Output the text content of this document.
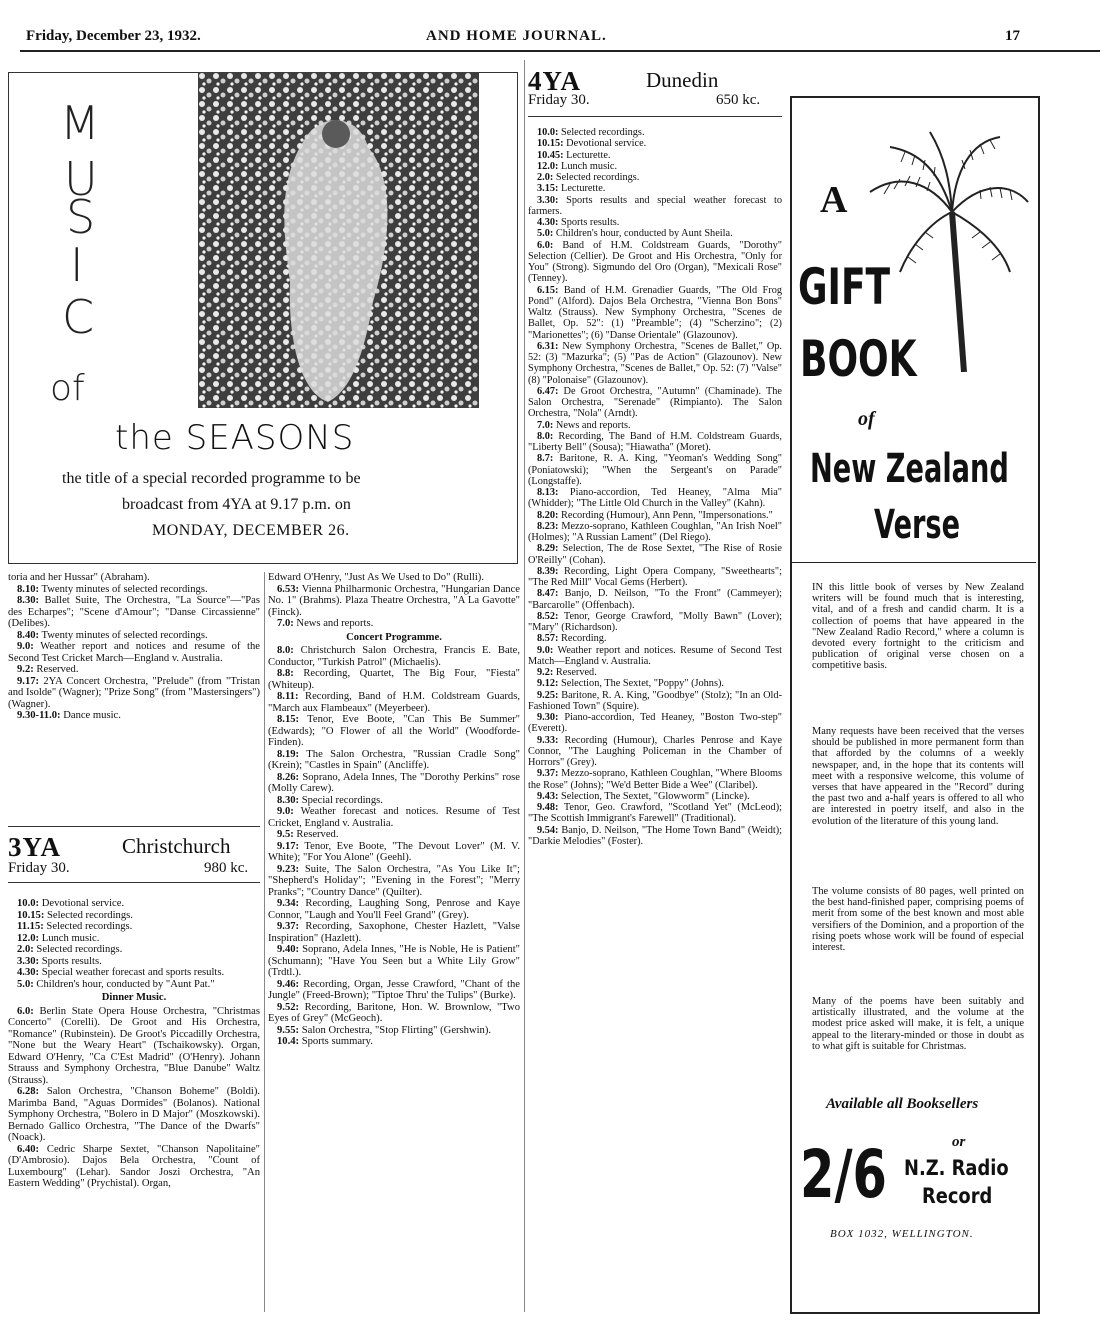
Friday, December 23, 1932.	AND HOME JOURNAL.	17
M
U
S
I
C
of
the SEASONS
the title of a special recorded programme to be
broadcast from 4YA at 9.17 p.m. on
MONDAY, DECEMBER 26.

toria and her Hussar" (Abraham).

8.10: Twenty minutes of selected recordings.

8.30: Ballet Suite, The Orchestra, "La Source"—"Pas des Echarpes"; "Scene d'Amour"; "Danse Circassienne" (Delibes).

8.40: Twenty minutes of selected recordings.

9.0: Weather report and notices and resume of the Second Test Cricket March—England v. Australia.

9.2: Reserved.

9.17: 2YA Concert Orchestra, "Prelude" (from "Tristan and Isolde" (Wagner); "Prize Song" (from "Mastersingers") (Wagner).

9.30-11.0: Dance music.

3YA	Christchurch
Friday 30.	980 kc.

10.0: Devotional service.

10.15: Selected recordings.

11.15: Selected recordings.

12.0: Lunch music.

2.0: Selected recordings.

3.30: Sports results.

4.30: Special weather forecast and sports results.

5.0: Children's hour, conducted by "Aunt Pat."

Dinner Music.

6.0: Berlin State Opera House Orchestra, "Christmas Concerto" (Corelli). De Groot and His Orchestra, "Romance" (Rubinstein). De Groot's Piccadilly Orchestra, "None but the Weary Heart" (Tschaikowsky). Organ, Edward O'Henry, "Ca C'Est Madrid" (O'Henry). Johann Strauss and Symphony Orchestra, "Blue Danube" Waltz (Strauss).

6.28: Salon Orchestra, "Chanson Boheme" (Boldi). Marimba Band, "Aguas Dormides" (Bolanos). National Symphony Orchestra, "Bolero in D Major" (Moszkowski). Bernado Gallico Orchestra, "The Dance of the Dwarfs" (Noack).

6.40: Cedric Sharpe Sextet, "Chanson Napolitaine" (D'Ambrosio). Dajos Bela Orchestra, "Count of Luxembourg" (Lehar). Sandor Joszi Orchestra, "An Eastern Wedding" (Prychistal). Organ,

Edward O'Henry, "Just As We Used to Do" (Rulli).

6.53: Vienna Philharmonic Orchestra, "Hungarian Dance No. 1" (Brahms). Plaza Theatre Orchestra, "A La Gavotte" (Finck).

7.0: News and reports.

Concert Programme.

8.0: Christchurch Salon Orchestra, Francis E. Bate, Conductor, "Turkish Patrol" (Michaelis).

8.8: Recording, Quartet, The Big Four, "Fiesta" (Whiteup).

8.11: Recording, Band of H.M. Coldstream Guards, "March aux Flambeaux" (Meyerbeer).

8.15: Tenor, Eve Boote, "Can This Be Summer" (Edwards); "O Flower of all the World" (Woodforde-Finden).

8.19: The Salon Orchestra, "Russian Cradle Song" (Krein); "Castles in Spain" (Ancliffe).

8.26: Soprano, Adela Innes, The "Dorothy Perkins" rose (Molly Carew).

8.30: Special recordings.

9.0: Weather forecast and notices. Resume of Test Cricket, England v. Australia.

9.5: Reserved.

9.17: Tenor, Eve Boote, "The Devout Lover" (M. V. White); "For You Alone" (Geehl).

9.23: Suite, The Salon Orchestra, "As You Like It"; "Shepherd's Holiday"; "Evening in the Forest"; "Merry Pranks"; "Country Dance" (Quilter).

9.34: Recording, Laughing Song, Penrose and Kaye Connor, "Laugh and You'll Feel Grand" (Grey).

9.37: Recording, Saxophone, Chester Hazlett, "Valse Inspiration" (Hazlett).

9.40: Soprano, Adela Innes, "He is Noble, He is Patient" (Schumann); "Have You Seen but a White Lily Grow" (Trdtl.).

9.46: Recording, Organ, Jesse Crawford, "Chant of the Jungle" (Freed-Brown); "Tiptoe Thru' the Tulips" (Burke).

9.52: Recording, Baritone, Hon. W. Brownlow, "Two Eyes of Grey" (McGeoch).

9.55: Salon Orchestra, "Stop Flirting" (Gershwin).

10.4: Sports summary.

4YA	Dunedin
Friday 30.	650 kc.

10.0: Selected recordings.

10.15: Devotional service.

10.45: Lecturette.

12.0: Lunch music.

2.0: Selected recordings.

3.15: Lecturette.

3.30: Sports results and special weather forecast to farmers.

4.30: Sports results.

5.0: Children's hour, conducted by Aunt Sheila.

6.0: Band of H.M. Coldstream Guards, "Dorothy" Selection (Cellier). De Groot and His Orchestra, "Only for You" (Strong). Sigmundo del Oro (Organ), "Mexicali Rose" (Tenney).

6.15: Band of H.M. Grenadier Guards, "The Old Frog Pond" (Alford). Dajos Bela Orchestra, "Vienna Bon Bons" Waltz (Strauss). New Symphony Orchestra, "Scenes de Ballet, Op. 52": (1) "Preamble"; (4) "Scherzino"; (2) "Marionettes"; (6) "Danse Orientale" (Glazounov).

6.31: New Symphony Orchestra, "Scenes de Ballet," Op. 52: (3) "Mazurka"; (5) "Pas de Action" (Glazounov). New Symphony Orchestra, "Scenes de Ballet," Op. 52: (7) "Valse" (8) "Polonaise" (Glazounov).

6.47: De Groot Orchestra, "Autumn" (Chaminade). The Salon Orchestra, "Serenade" (Rimpianto). The Salon Orchestra, "Nola" (Arndt).

7.0: News and reports.

8.0: Recording, The Band of H.M. Coldstream Guards, "Liberty Bell" (Sousa); "Hiawatha" (Moret).

8.7: Baritone, R. A. King, "Yeoman's Wedding Song" (Poniatowski); "When the Sergeant's on Parade" (Longstaffe).

8.13: Piano-accordion, Ted Heaney, "Alma Mia" (Whidder); "The Little Old Church in the Valley" (Kahn).

8.20: Recording (Humour), Ann Penn, "Impersonations."

8.23: Mezzo-soprano, Kathleen Coughlan, "An Irish Noel" (Holmes); "A Russian Lament" (Del Riego).

8.29: Selection, The de Rose Sextet, "The Rise of Rosie O'Reilly" (Cohan).

8.39: Recording, Light Opera Company, "Sweethearts"; "The Red Mill" Vocal Gems (Herbert).

8.47: Banjo, D. Neilson, "To the Front" (Cammeyer); "Barcarolle" (Offenbach).

8.52: Tenor, George Crawford, "Molly Bawn" (Lover); "Mary" (Richardson).

8.57: Recording.

9.0: Weather report and notices. Resume of Second Test Match—England v. Australia.

9.2: Reserved.

9.12: Selection, The Sextet, "Poppy" (Johns).

9.25: Baritone, R. A. King, "Goodbye" (Stolz); "In an Old-Fashioned Town" (Squire).

9.30: Piano-accordion, Ted Heaney, "Boston Two-step" (Everett).

9.33: Recording (Humour), Charles Penrose and Kaye Connor, "The Laughing Policeman in the Chamber of Horrors" (Grey).

9.37: Mezzo-soprano, Kathleen Coughlan, "Where Blooms the Rose" (Johns); "We'd Better Bide a Wee" (Claribel).

9.43: Selection, The Sextet, "Glowworm" (Lincke).

9.48: Tenor, Geo. Crawford, "Scotland Yet" (McLeod); "The Scottish Immigrant's Farewell" (Traditional).

9.54: Banjo, D. Neilson, "The Home Town Band" (Weidt); "Darkie Melodies" (Foster).

A
GIFT
BOOK
of
New Zealand
Verse
IN this little book of verses by New Zealand writers will be found much that is interesting, vital, and of a fresh and candid charm. It is a collection of poems that have appeared in the "New Zealand Radio Record," where a column is devoted every fortnight to the criticism and publication of original verse chosen on a competitive basis.
Many requests have been received that the verses should be published in more permanent form than that afforded by the columns of a weekly newspaper, and, in the hope that its contents will meet with a responsive welcome, this volume of verses that have appeared in the "Record" during the past two and a-half years is offered to all who are interested in poetry itself, and also in the evolution of the literature of this young land.
The volume consists of 80 pages, well printed on the best hand-finished paper, comprising poems of merit from some of the best known and most able versifiers of the Dominion, and a proportion of the rising poets whose work will be found of especial interest.
Many of the poems have been suitably and artistically illustrated, and the volume at the modest price asked will make, it is felt, a unique appeal to the literary-minded or those in doubt as to what gift is suitable for Christmas.
Available all Booksellers
or
2/6 N.Z. Radio
Record
BOX 1032, WELLINGTON.
